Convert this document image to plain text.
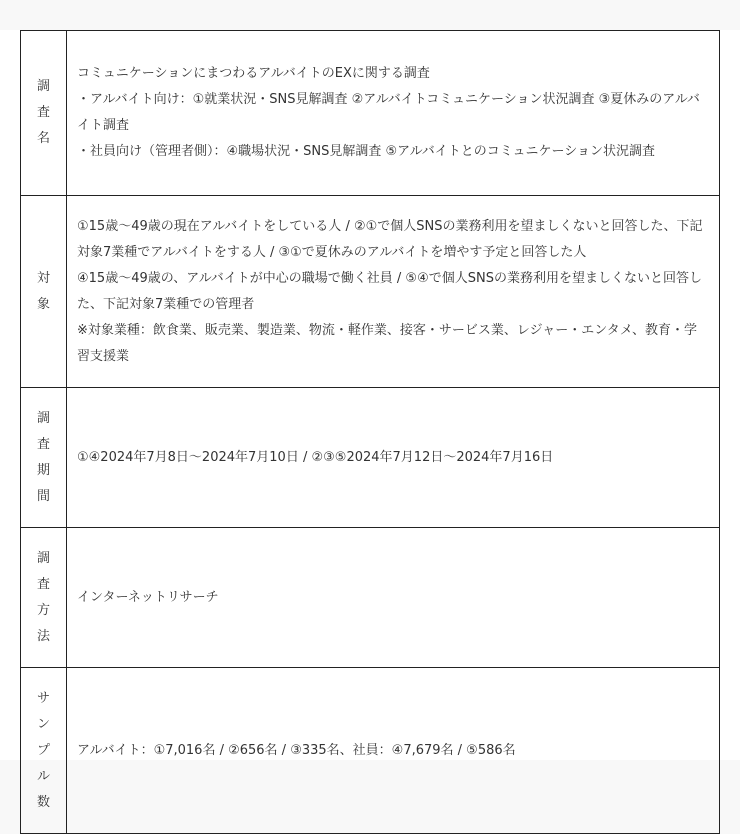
調査名	コミュニケーションにまつわるアルバイトのEXに関する調査
・アルバイト向け：①就業状況・SNS見解調査 ②アルバイトコミュニケーション状況調査 ③夏休みのアルバイト調査
・社員向け（管理者側）：④職場状況・SNS見解調査 ⑤アルバイトとのコミュニケーション状況調査

対象	①15歳〜49歳の現在アルバイトをしている人 / ②①で個人SNSの業務利用を望ましくないと回答した、下記対象7業種でアルバイトをする人 / ③①で夏休みのアルバイトを増やす予定と回答した人
④15歳〜49歳の、アルバイトが中心の職場で働く社員 / ⑤④で個人SNSの業務利用を望ましくないと回答した、下記対象7業種での管理者
※対象業種：飲食業、販売業、製造業、物流・軽作業、接客・サービス業、レジャー・エンタメ、教育・学習支援業

調査期間	①④2024年7月8日〜2024年7月10日 / ②③⑤2024年7月12日〜2024年7月16日

調査方法	インターネットリサーチ

サンプル数	アルバイト：①7,016名 / ②656名 / ③335名、社員：④7,679名 / ⑤586名
